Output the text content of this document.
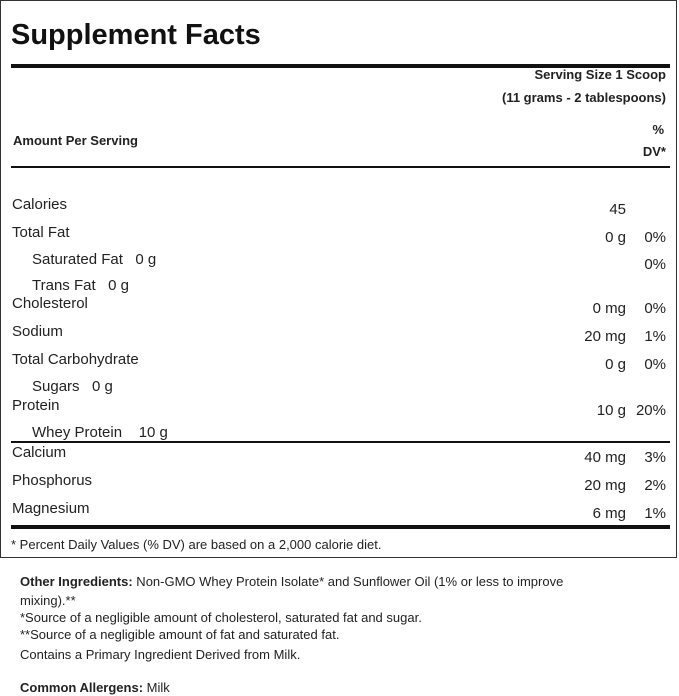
Supplement Facts
Serving Size 1 Scoop
(11 grams - 2 tablespoons)
Amount Per Serving
%
DV*
Calories	45
Total Fat	0 g 0%
Saturated Fat   0 g	0%
Trans Fat   0 g
Cholesterol	0 mg 0%
Sodium	20 mg 1%
Total Carbohydrate	0 g 0%
Sugars   0 g
Protein	10 g 20%
Whey Protein    10 g
Calcium	40 mg 3%
Phosphorus	20 mg 2%
Magnesium	6 mg 1%
* Percent Daily Values (% DV) are based on a 2,000 calorie diet.
Other Ingredients: Non-GMO Whey Protein Isolate* and Sunflower Oil (1% or less to improve
mixing).**
*Source of a negligible amount of cholesterol, saturated fat and sugar.
**Source of a negligible amount of fat and saturated fat.
Contains a Primary Ingredient Derived from Milk.
Common Allergens: Milk
